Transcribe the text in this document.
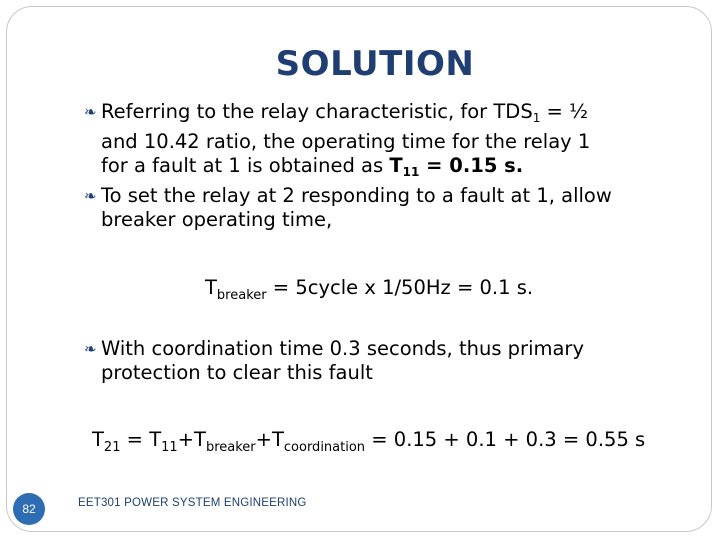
SOLUTION
❧ Referring to the relay characteristic, for $TDS_1$ = ½
and 10.42 ratio, the operating time for the relay 1
for a fault at 1 is obtained as $T_{11} = 0.15$ s.
❧ To set the relay at 2 responding to a fault at 1, allow
breaker operating time,
$T_{breaker}$ = 5cycle x 1/50Hz = 0.1 s.
❧ With coordination time 0.3 seconds, thus primary
protection to clear this fault
$T_{21} = T_{11}+T_{breaker}+T_{coordination} = 0.15 + 0.1 + 0.3 = 0.55$ s
82	EET301 POWER SYSTEM ENGINEERING
